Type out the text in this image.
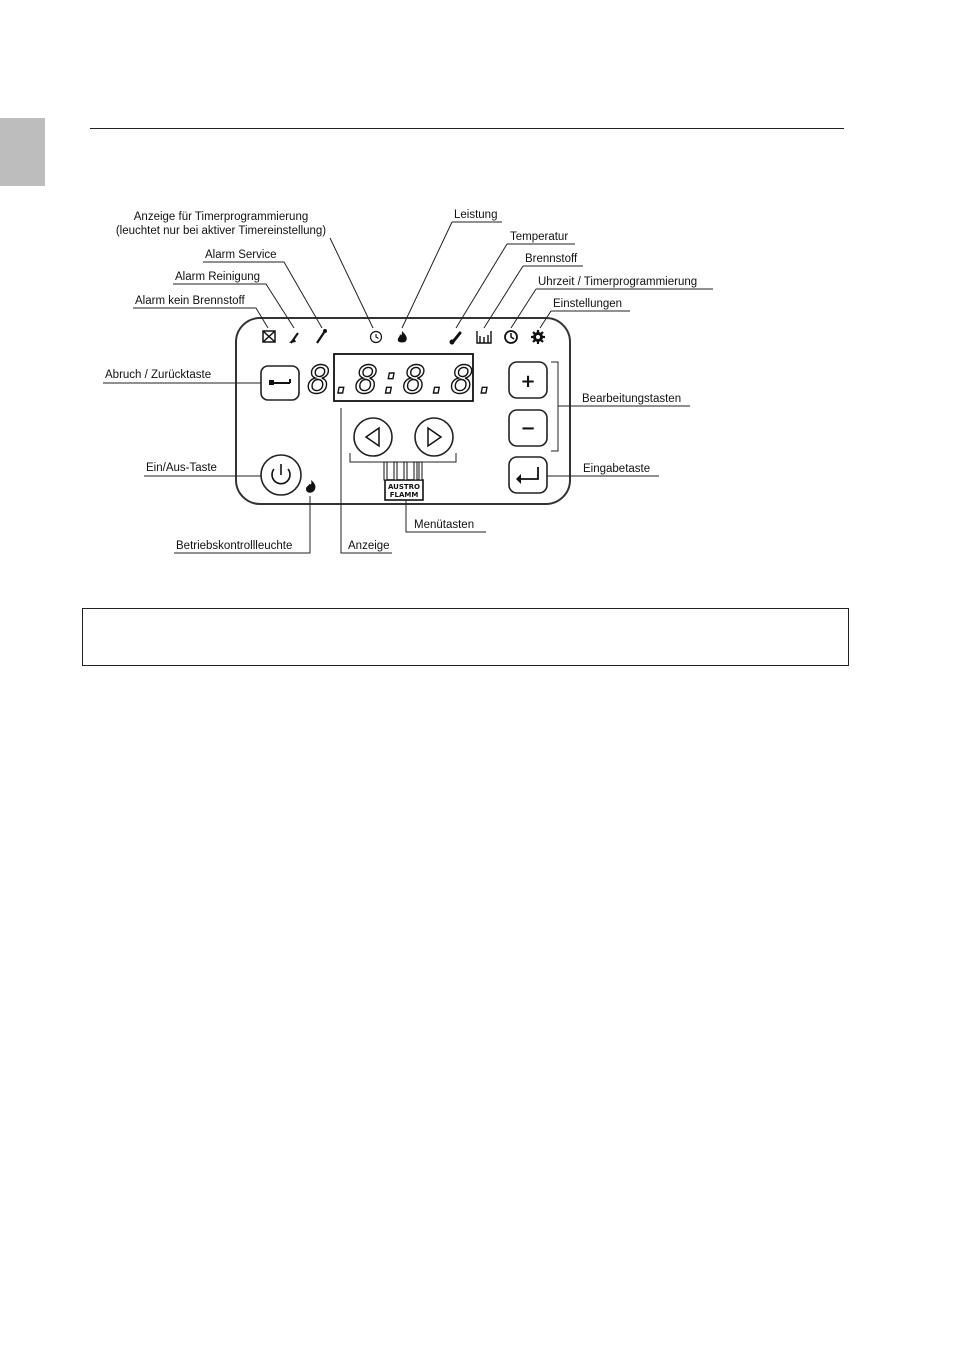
8.8:8.8.
AUSTRO
FLAMM
+
−
Anzeige für Timerprogrammierung
(leuchtet nur bei aktiver Timereinstellung)
Leistung
Temperatur
Brennstoff
Uhrzeit / Timerprogrammierung
Einstellungen
Alarm Service
Alarm Reinigung
Alarm kein Brennstoff
Abruch / Zurücktaste
Bearbeitungstasten
Ein/Aus-Taste	Eingabetaste
Betriebskontrollleuchte	Anzeige
Menütasten
